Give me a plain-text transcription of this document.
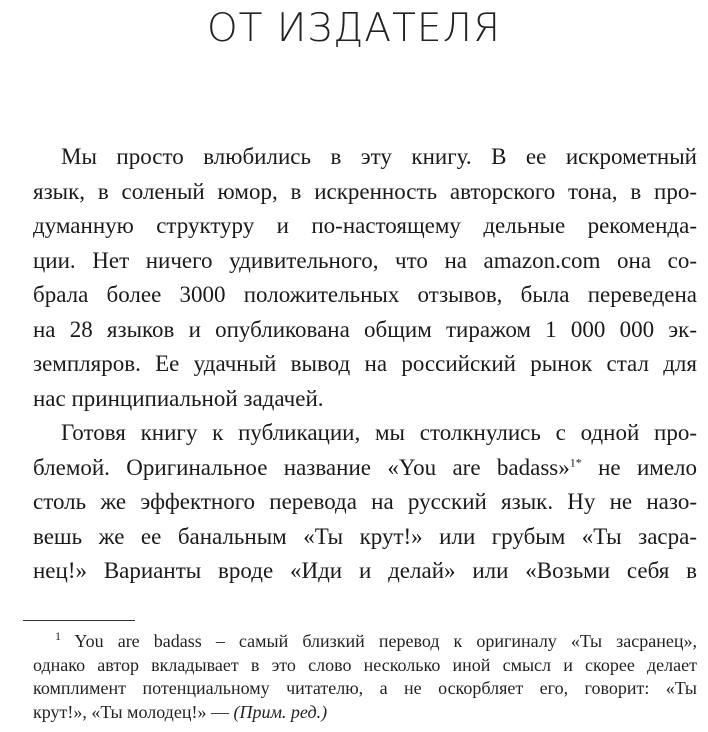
ОТ ИЗДАТЕЛЯ
Мы просто влюбились в эту книгу. В ее искрометный
язык, в соленый юмор, в искренность авторского тона, в про-
думанную структуру и по-настоящему дельные рекоменда-
ции. Нет ничего удивительного, что на amazon.com она со-
брала более 3000 положительных отзывов, была переведена
на 28 языков и опубликована общим тиражом 1 000 000 эк-
земпляров. Ее удачный вывод на российский рынок стал для
нас принципиальной задачей.
Готовя книгу к публикации, мы столкнулись с одной про-
блемой. Оригинальное название «You are badass»$^{1*}$ не имело
столь же эффектного перевода на русский язык. Ну не назо-
вешь же ее банальным «Ты крут!» или грубым «Ты засра-
нец!» Варианты вроде «Иди и делай» или «Возьми себя в
$^1$ You are badass – самый близкий перевод к оригиналу «Ты засранец»,
однако автор вкладывает в это слово несколько иной смысл и скорее делает
комплимент потенциальному читателю, а не оскорбляет его, говорит: «Ты
крут!», «Ты молодец!» — (Прим. ред.)
